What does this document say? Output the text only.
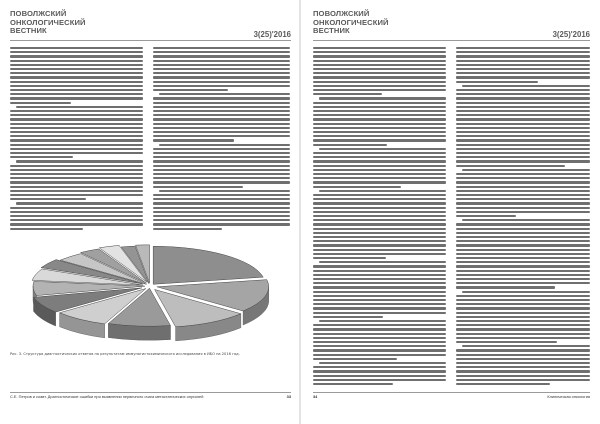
ПОВОЛЖСКИЙ
ОНКОЛОГИЧЕСКИЙ
ВЕСТНИК	3(25)'2016
Рис. 3. Структура диагностических ответов по результатам иммуногистохимического исследования в ИБО на 2016 год.
С.Е. Петров и соавт. Диагностические ошибки при выявлении первичного очага метастатических опухолей	33
ПОВОЛЖСКИЙ
ОНКОЛОГИЧЕСКИЙ
ВЕСТНИК	3(25)'2016
34	Клиническая онкология
